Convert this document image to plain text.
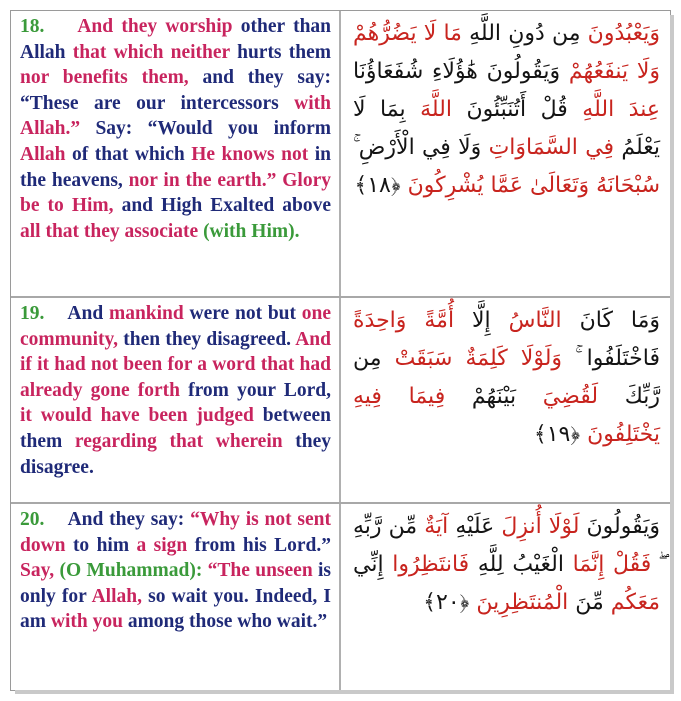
18. And they worship other than Allah that which neither hurts them nor benefits them, and they say: “These are our intercessors with Allah.” Say: “Would you inform Allah of that which He knows not in the heavens, nor in the earth.” Glory be to Him, and High Exalted above all that they associate (with Him).
وَيَعْبُدُونَ مِن دُونِ اللَّهِ مَا لَا يَضُرُّهُمْ وَلَا يَنفَعُهُمْ وَيَقُولُونَ هَٰؤُلَاءِ شُفَعَاؤُنَا عِندَ اللَّهِ قُلْ أَتُنَبِّئُونَ اللَّهَ بِمَا لَا يَعْلَمُ فِي السَّمَاوَاتِ وَلَا فِي الْأَرْضِ ۚ سُبْحَانَهُ وَتَعَالَىٰ عَمَّا يُشْرِكُونَ ﴿١٨﴾
19. And mankind were not but one community, then they disagreed. And if it had not been for a word that had already gone forth from your Lord, it would have been judged between them regarding that wherein they disagree.
وَمَا كَانَ النَّاسُ إِلَّا أُمَّةً وَاحِدَةً فَاخْتَلَفُوا ۚ وَلَوْلَا كَلِمَةٌ سَبَقَتْ مِن رَّبِّكَ لَقُضِيَ بَيْنَهُمْ فِيمَا فِيهِ يَخْتَلِفُونَ ﴿١٩﴾
20. And they say: “Why is not sent down to him a sign from his Lord.” Say, (O Muhammad): “The unseen is only for Allah, so wait you. Indeed, I am with you among those who wait.”
وَيَقُولُونَ لَوْلَا أُنزِلَ عَلَيْهِ آيَةٌ مِّن رَّبِّهِ ۖ فَقُلْ إِنَّمَا الْغَيْبُ لِلَّهِ فَانتَظِرُوا إِنِّي مَعَكُم مِّنَ الْمُنتَظِرِينَ ﴿٢٠﴾
